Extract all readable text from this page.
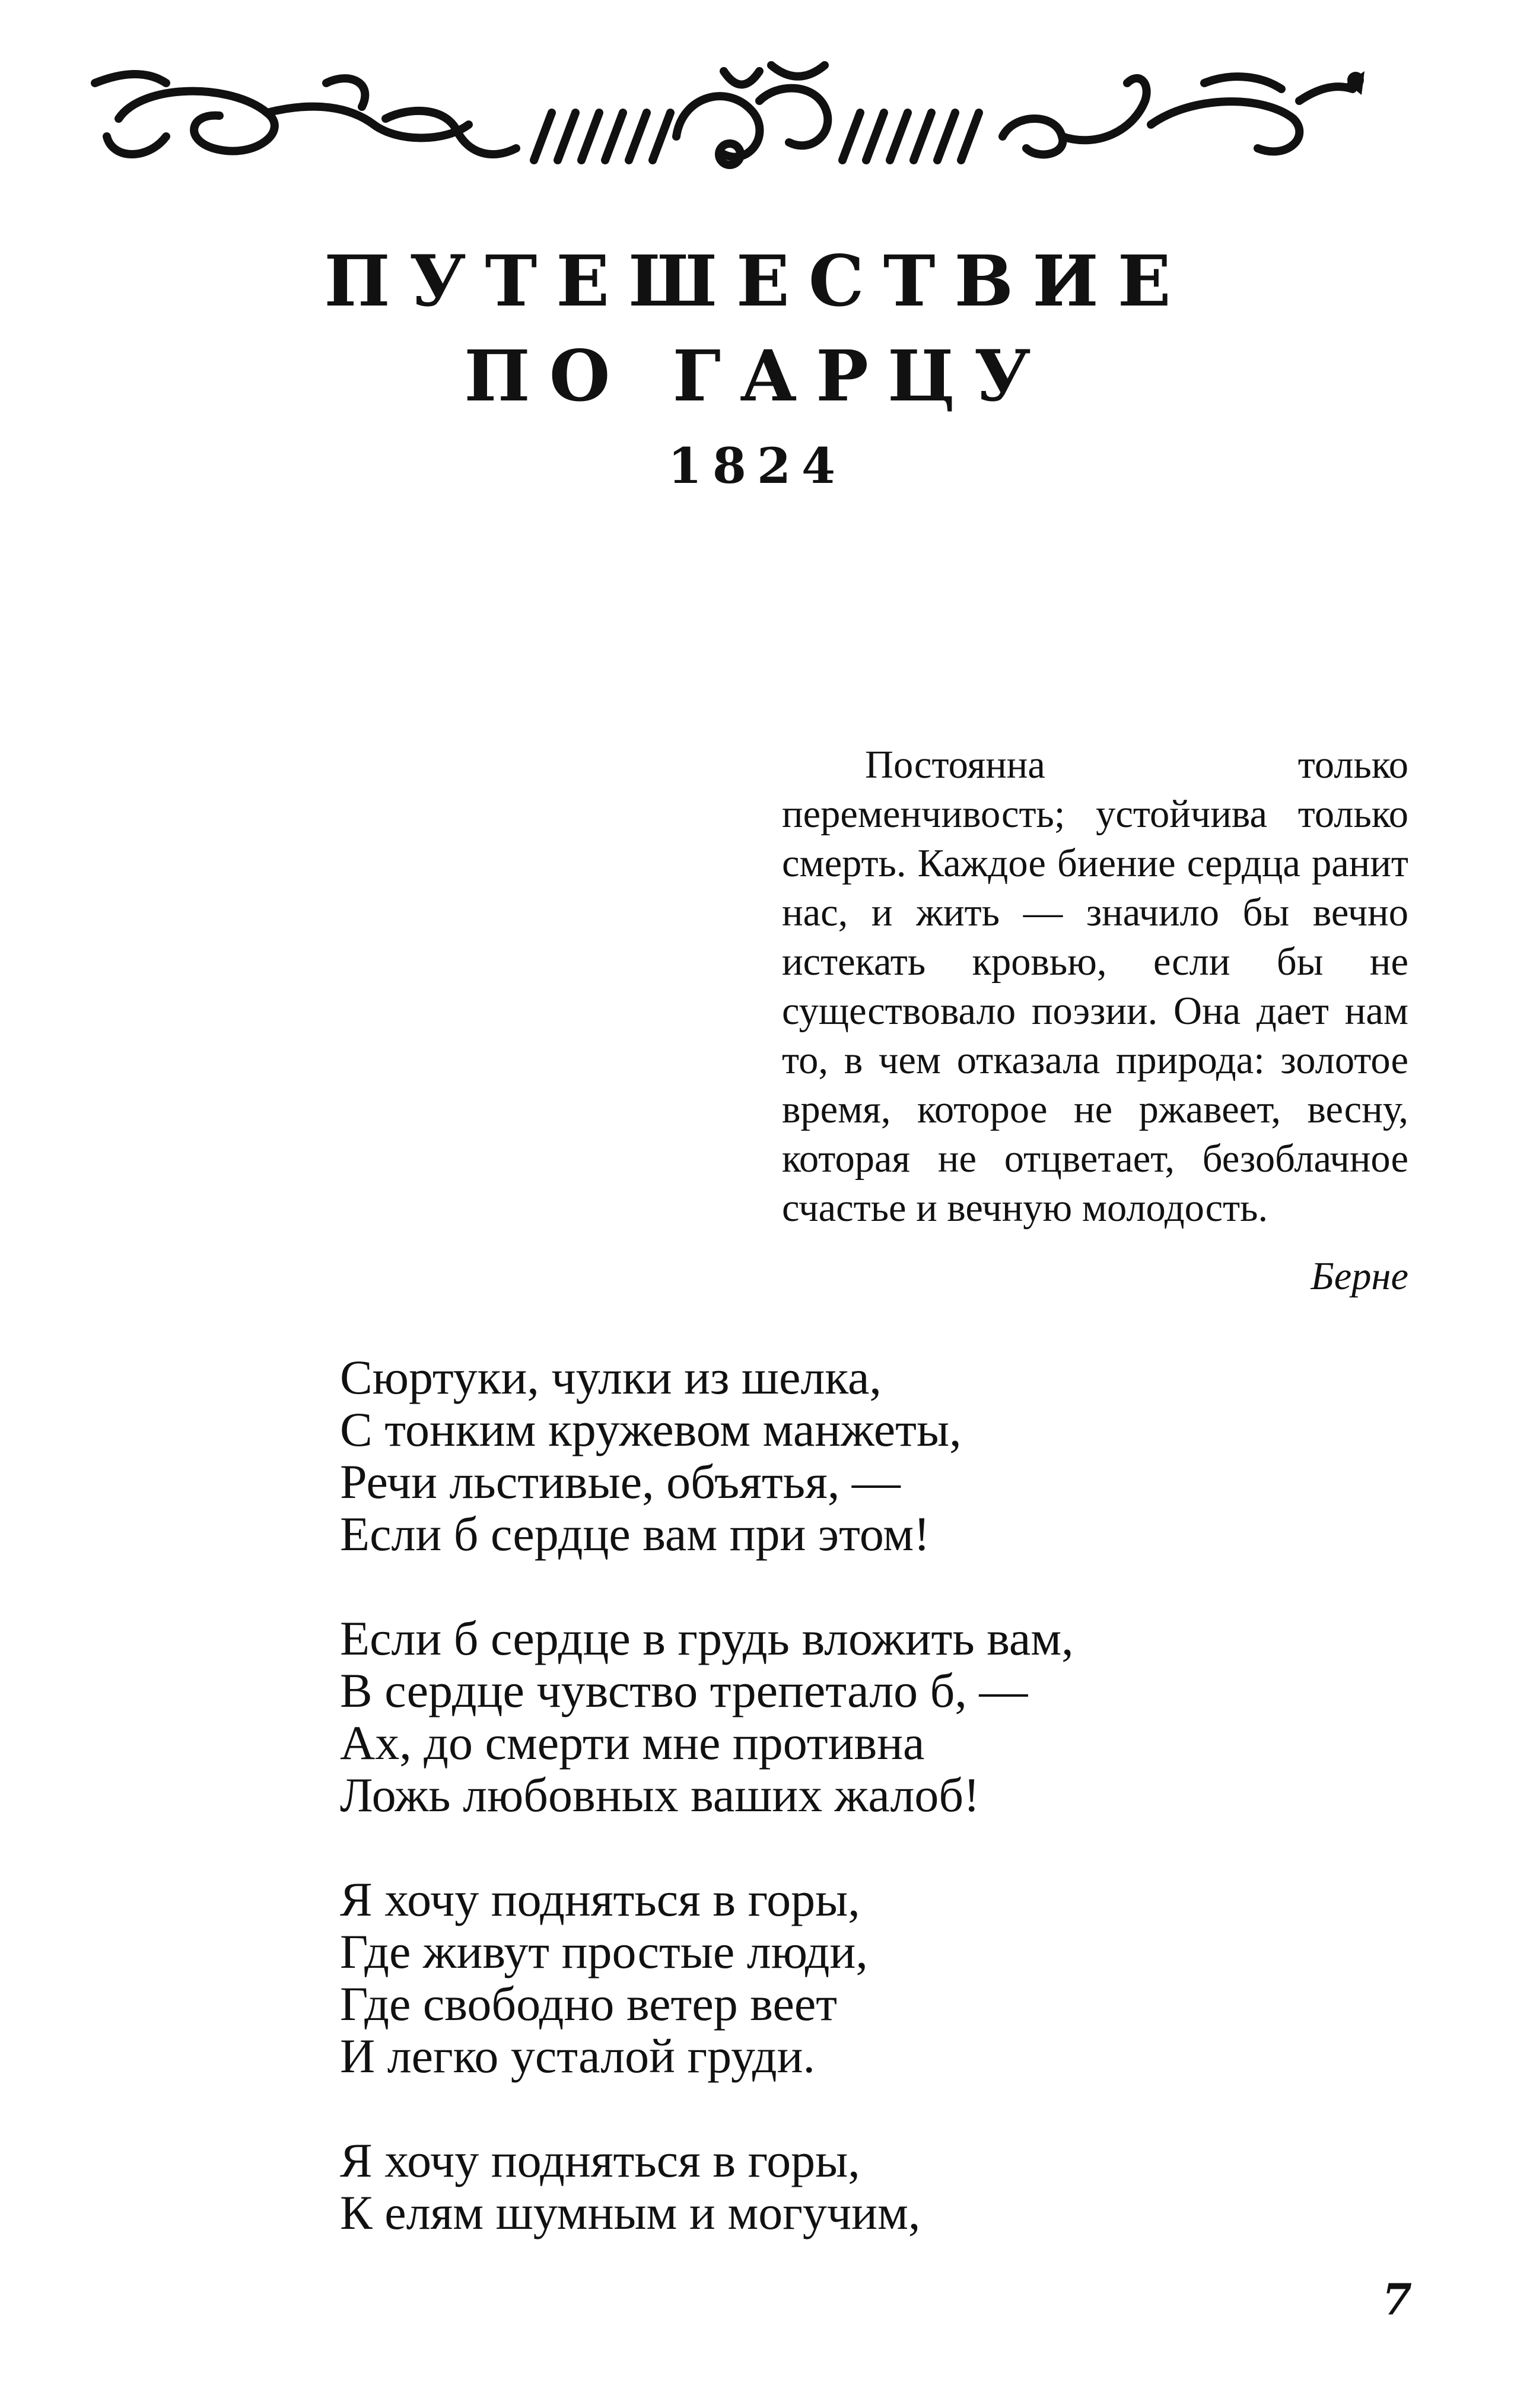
ПУТЕШЕСТВИЕ
ПО ГАРЦУ
1824

Постоянна только переменчивость; устойчива только смерть. Каждое биение сердца ранит нас, и жить — значило бы вечно истекать кровью, если бы не существовало поэзии. Она дает нам то, в чем отказала природа: золотое время, которое не ржавеет, весну, которая не отцветает, безоблачное счастье и вечную молодость.

Берне
Сюртуки, чулки из шелка,
С тонким кружевом манжеты,
Речи льстивые, объятья, —
Если б сердце вам при этом!
Если б сердце в грудь вложить вам,
В сердце чувство трепетало б, —
Ах, до смерти мне противна
Ложь любовных ваших жалоб!
Я хочу подняться в горы,
Где живут простые люди,
Где свободно ветер веет
И легко усталой груди.
Я хочу подняться в горы,
К елям шумным и могучим,
7
